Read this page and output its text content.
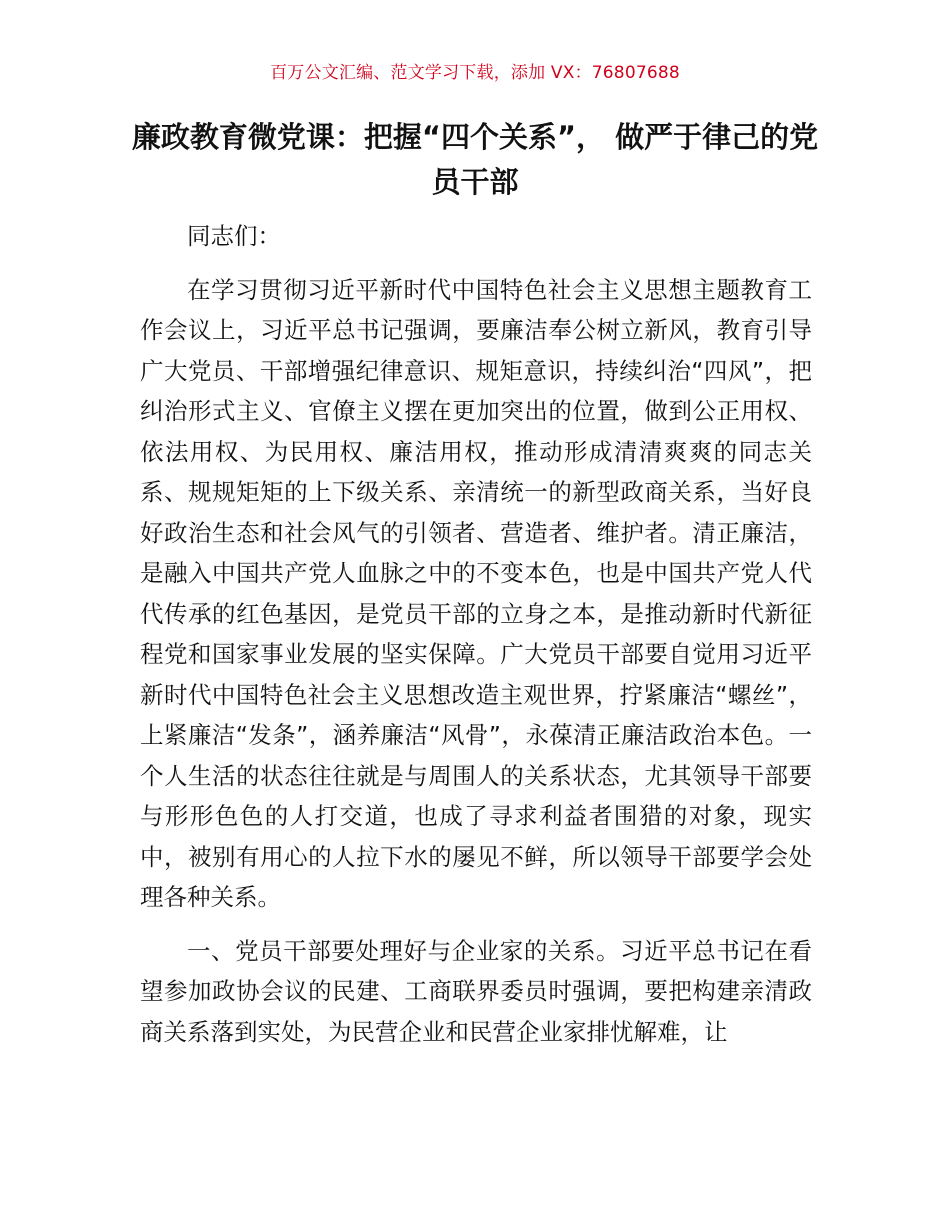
百万公文汇编、范文学习下载，添加 VX：76807688
廉政教育微党课：把握“四个关系”， 做严于律己的党员干部

同志们：

在学习贯彻习近平新时代中国特色社会主义思想主题教育工作会议上，习近平总书记强调，要廉洁奉公树立新风，教育引导广大党员、干部增强纪律意识、规矩意识，持续纠治“四风”，把纠治形式主义、官僚主义摆在更加突出的位置，做到公正用权、依法用权、为民用权、廉洁用权，推动形成清清爽爽的同志关系、规规矩矩的上下级关系、亲清统一的新型政商关系，当好良好政治生态和社会风气的引领者、营造者、维护者。清正廉洁，是融入中国共产党人血脉之中的不变本色，也是中国共产党人代代传承的红色基因，是党员干部的立身之本，是推动新时代新征程党和国家事业发展的坚实保障。广大党员干部要自觉用习近平新时代中国特色社会主义思想改造主观世界，拧紧廉洁“螺丝”，上紧廉洁“发条”，涵养廉洁“风骨”，永葆清正廉洁政治本色。一个人生活的状态往往就是与周围人的关系状态，尤其领导干部要与形形色色的人打交道，也成了寻求利益者围猎的对象，现实中，被别有用心的人拉下水的屡见不鲜，所以领导干部要学会处理各种关系。

一、党员干部要处理好与企业家的关系。习近平总书记在看望参加政协会议的民建、工商联界委员时强调，要把构建亲清政商关系落到实处，为民营企业和民营企业家排忧解难，让
